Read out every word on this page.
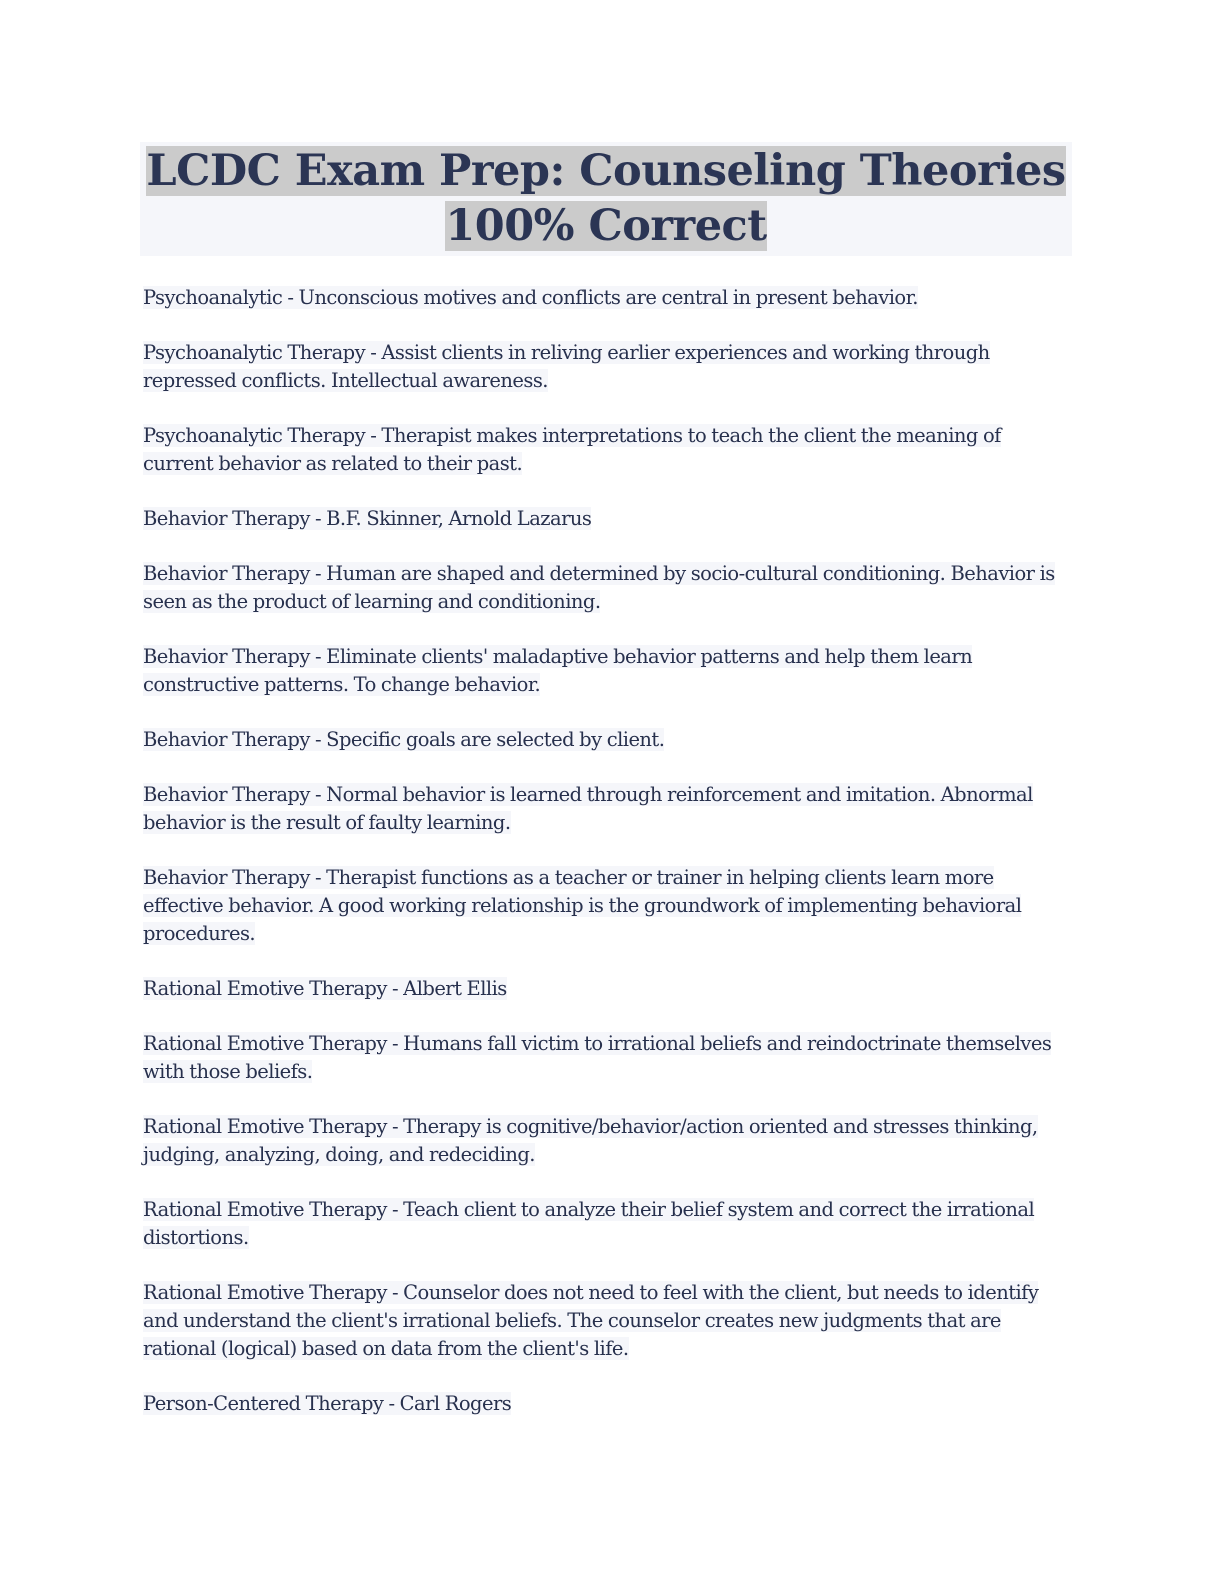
LCDC Exam Prep: Counseling Theories
100% Correct

Psychoanalytic - Unconscious motives and conflicts are central in present behavior.

Psychoanalytic Therapy - Assist clients in reliving earlier experiences and working through repressed conflicts. Intellectual awareness.

Psychoanalytic Therapy - Therapist makes interpretations to teach the client the meaning of current behavior as related to their past.

Behavior Therapy - B.F. Skinner, Arnold Lazarus

Behavior Therapy - Human are shaped and determined by socio-cultural conditioning. Behavior is seen as the product of learning and conditioning.

Behavior Therapy - Eliminate clients' maladaptive behavior patterns and help them learn constructive patterns. To change behavior.

Behavior Therapy - Specific goals are selected by client.

Behavior Therapy - Normal behavior is learned through reinforcement and imitation. Abnormal behavior is the result of faulty learning.

Behavior Therapy - Therapist functions as a teacher or trainer in helping clients learn more effective behavior. A good working relationship is the groundwork of implementing behavioral procedures.

Rational Emotive Therapy - Albert Ellis

Rational Emotive Therapy - Humans fall victim to irrational beliefs and reindoctrinate themselves with those beliefs.

Rational Emotive Therapy - Therapy is cognitive/behavior/action oriented and stresses thinking, judging, analyzing, doing, and redeciding.

Rational Emotive Therapy - Teach client to analyze their belief system and correct the irrational distortions.

Rational Emotive Therapy - Counselor does not need to feel with the client, but needs to identify and understand the client's irrational beliefs. The counselor creates new judgments that are rational (logical) based on data from the client's life.

Person-Centered Therapy - Carl Rogers
